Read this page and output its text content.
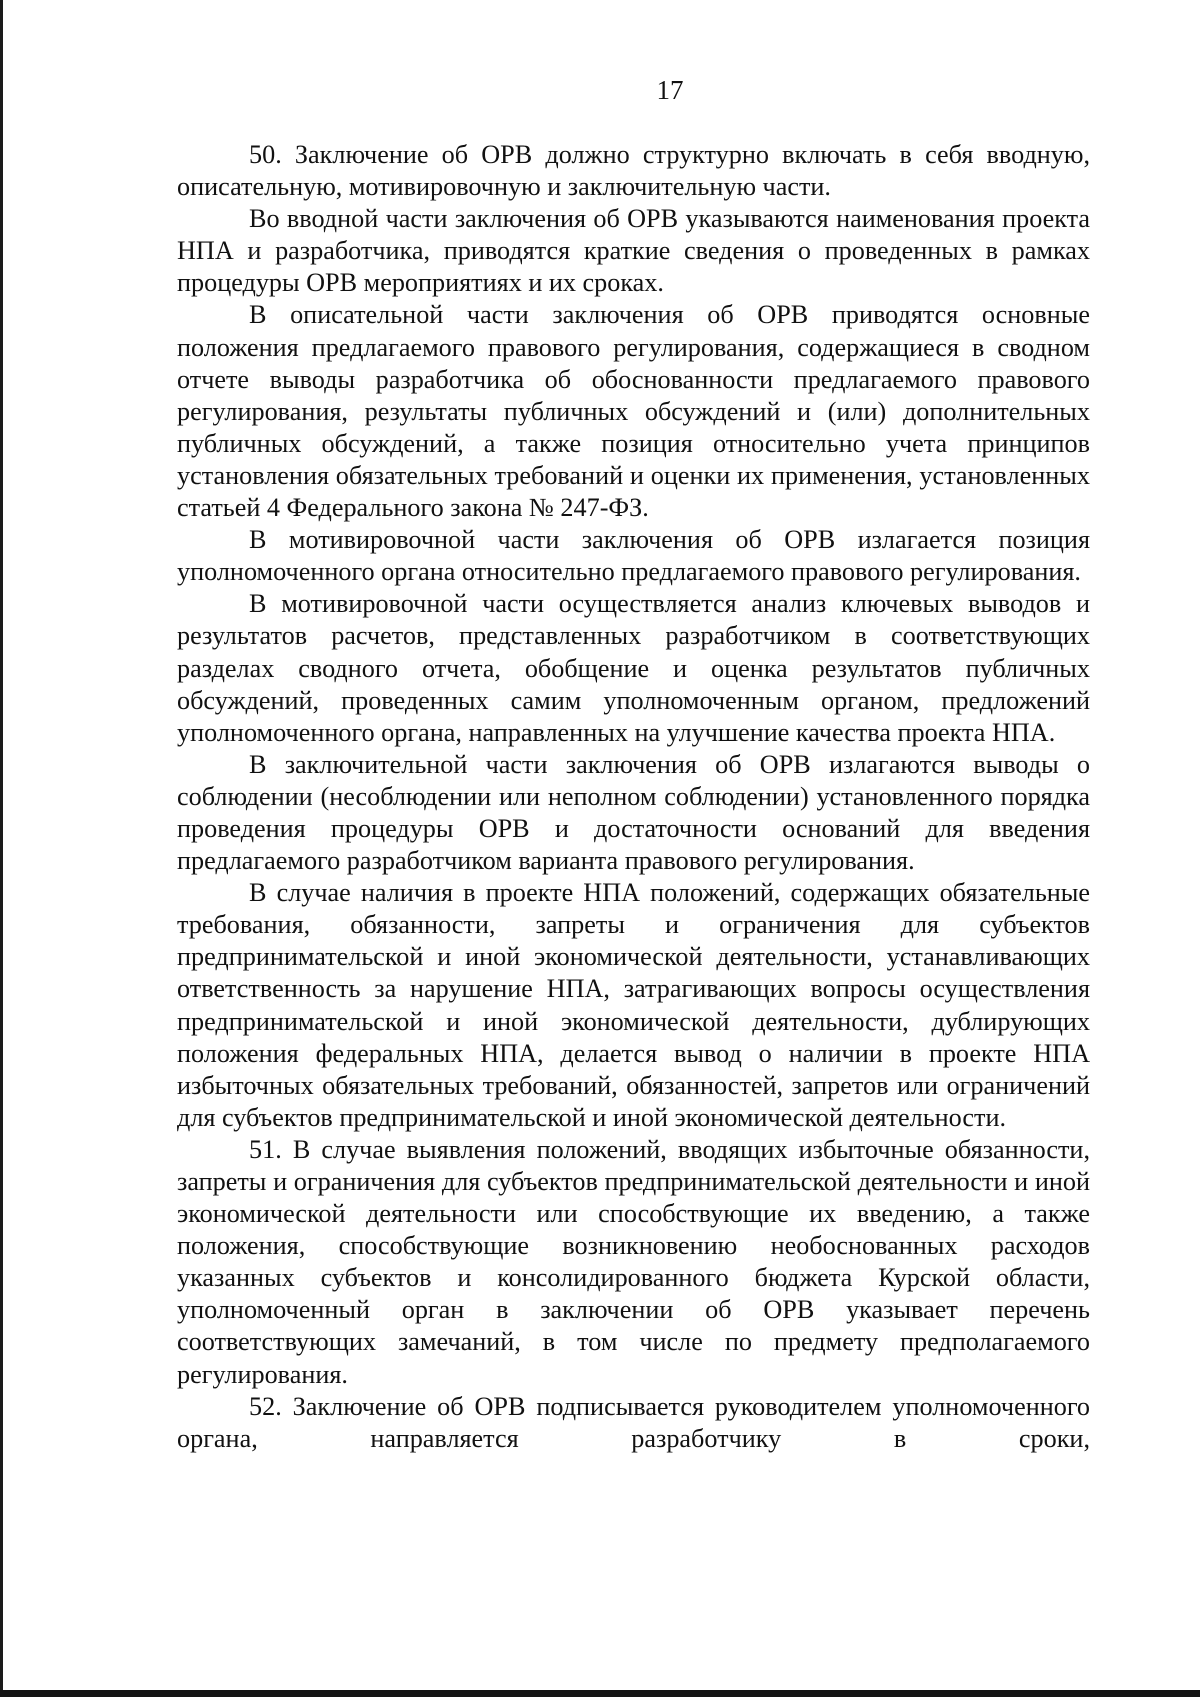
17

50. Заключение об ОРВ должно структурно включать в себя вводную, описательную, мотивировочную и заключительную части.

Во вводной части заключения об ОРВ указываются наименования проекта НПА и разработчика, приводятся краткие сведения о проведенных в рамках процедуры ОРВ мероприятиях и их сроках.

В описательной части заключения об ОРВ приводятся основные положения предлагаемого правового регулирования, содержащиеся в сводном отчете выводы разработчика об обоснованности предлагаемого правового регулирования, результаты публичных обсуждений и (или) дополнительных публичных обсуждений, а также позиция относительно учета принципов установления обязательных требований и оценки их применения, установленных статьей 4 Федерального закона № 247-ФЗ.

В мотивировочной части заключения об ОРВ излагается позиция уполномоченного органа относительно предлагаемого правового регулирования.

В мотивировочной части осуществляется анализ ключевых выводов и результатов расчетов, представленных разработчиком в соответствующих разделах сводного отчета, обобщение и оценка результатов публичных обсуждений, проведенных самим уполномоченным органом, предложений уполномоченного органа, направленных на улучшение качества проекта НПА.

В заключительной части заключения об ОРВ излагаются выводы о соблюдении (несоблюдении или неполном соблюдении) установленного порядка проведения процедуры ОРВ и достаточности оснований для введения предлагаемого разработчиком варианта правового регулирования.

В случае наличия в проекте НПА положений, содержащих обязательные требования, обязанности, запреты и ограничения для субъектов предпринимательской и иной экономической деятельности, устанавливающих ответственность за нарушение НПА, затрагивающих вопросы осуществления предпринимательской и иной экономической деятельности, дублирующих положения федеральных НПА, делается вывод о наличии в проекте НПА избыточных обязательных требований, обязанностей, запретов или ограничений для субъектов предпринимательской и иной экономической деятельности.

51. В случае выявления положений, вводящих избыточные обязанности, запреты и ограничения для субъектов предпринимательской деятельности и иной экономической деятельности или способствующие их введению, а также положения, способствующие возникновению необоснованных расходов указанных субъектов и консолидированного бюджета Курской области, уполномоченный орган в заключении об ОРВ указывает перечень соответствующих замечаний, в том числе по предмету предполагаемого регулирования.

52. Заключение об ОРВ подписывается руководителем уполномоченного органа, направляется разработчику в сроки,
